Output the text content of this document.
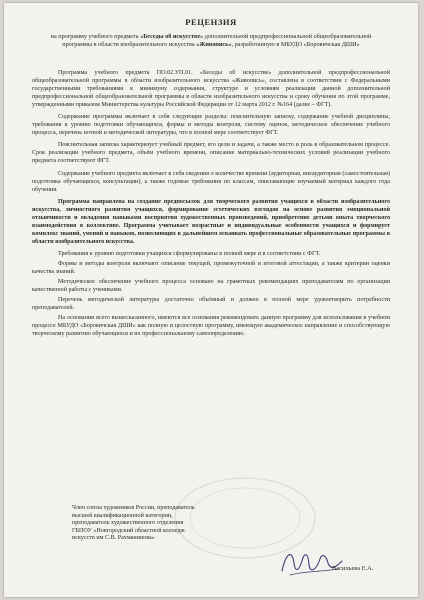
РЕЦЕНЗИЯ
на программу учебного предмета «Беседы об искусстве» дополнительной предпрофессиональной общеобразовательной программы в области изобразительного искусства «Живопись», разработанную в МБУДО «Боровичская ДШИ»

Программа учебного предмета ПО.02.УП.01. «Беседы об искусстве» дополнительной предпрофессиональной общеобразовательной программы в области изобразительного искусства «Живопись», составлена в соответствии с Федеральными государственными требованиями к минимуму содержания, структуре и условиям реализации данной дополнительной предпрофессиональной общеобразовательной программы в области изобразительного искусства и сроку обучения по этой программе, утвержденными приказом Министерства культуры Российской Федерации от 12 марта 2012 г. №164 (далее – ФГТ).

Содержание программы включает в себя следующие разделы: пояснительную записку, содержание учебной дисциплины, требования к уровню подготовки обучающихся, формы и методы контроля, систему оценок, методическое обеспечение учебного процесса, перечень нотной и методической литературы, что в полной мере соответствует ФГТ.

Пояснительная записка характеризует учебный предмет, его цели и задачи, а также место и роль в образовательном процессе. Срок реализации учебного предмета, объём учебного времени, описание материально-технических условий реализации учебного предмета соответствуют ФГТ.

Содержание учебного предмета включает в себя сведения о количестве времени (аудиторная, внеаудиторная (самостоятельная) подготовка обучающихся, консультации), а также годовые требования по классам, описывающие изучаемый материал каждого года обучения.

Программа направлена на создание предпосылок для творческого развития учащихся в области изобразительного искусства, личностного развития учащихся, формирование эстетических взглядов на основе развития эмоциональной отзывчивости и овладения навыками восприятия художественных произведений, приобретение детьми опыта творческого взаимодействия в коллективе. Программа учитывает возрастные и индивидуальные особенности учащихся и формирует комплекс знаний, умений и навыков, позволяющих в дальнейшем осваивать профессиональные образовательные программы в области изобразительного искусства.

Требования к уровню подготовки учащихся сформулированы в полной мере и в соответствии с ФГТ.

Формы и методы контроля включают описание текущей, промежуточной и итоговой аттестации, а также критерии оценки качества знаний.

Методическое обеспечение учебного процесса основано на грамотных рекомендациях преподавателям по организации качественной работы с учениками.

Перечень методической литературы достаточно объёмный и должен в полной мере удовлетворить потребности преподавателей.

На основании всего вышесказанного, имеются все основания рекомендовать данную программу для использования в учебном процессе МБУДО «Боровичская ДШИ» как полную и целостную программу, имеющую академическое направление и способствующую творческому развитию обучающихся и их профессиональному самоопределению.

Член союза художников России, преподаватель
высшей квалификационной категории,
преподаватель художественного отделения
ГБПОУ «Новгородский областной колледж
искусств им С.В. Рахманинова»
Васильева Е.А.
